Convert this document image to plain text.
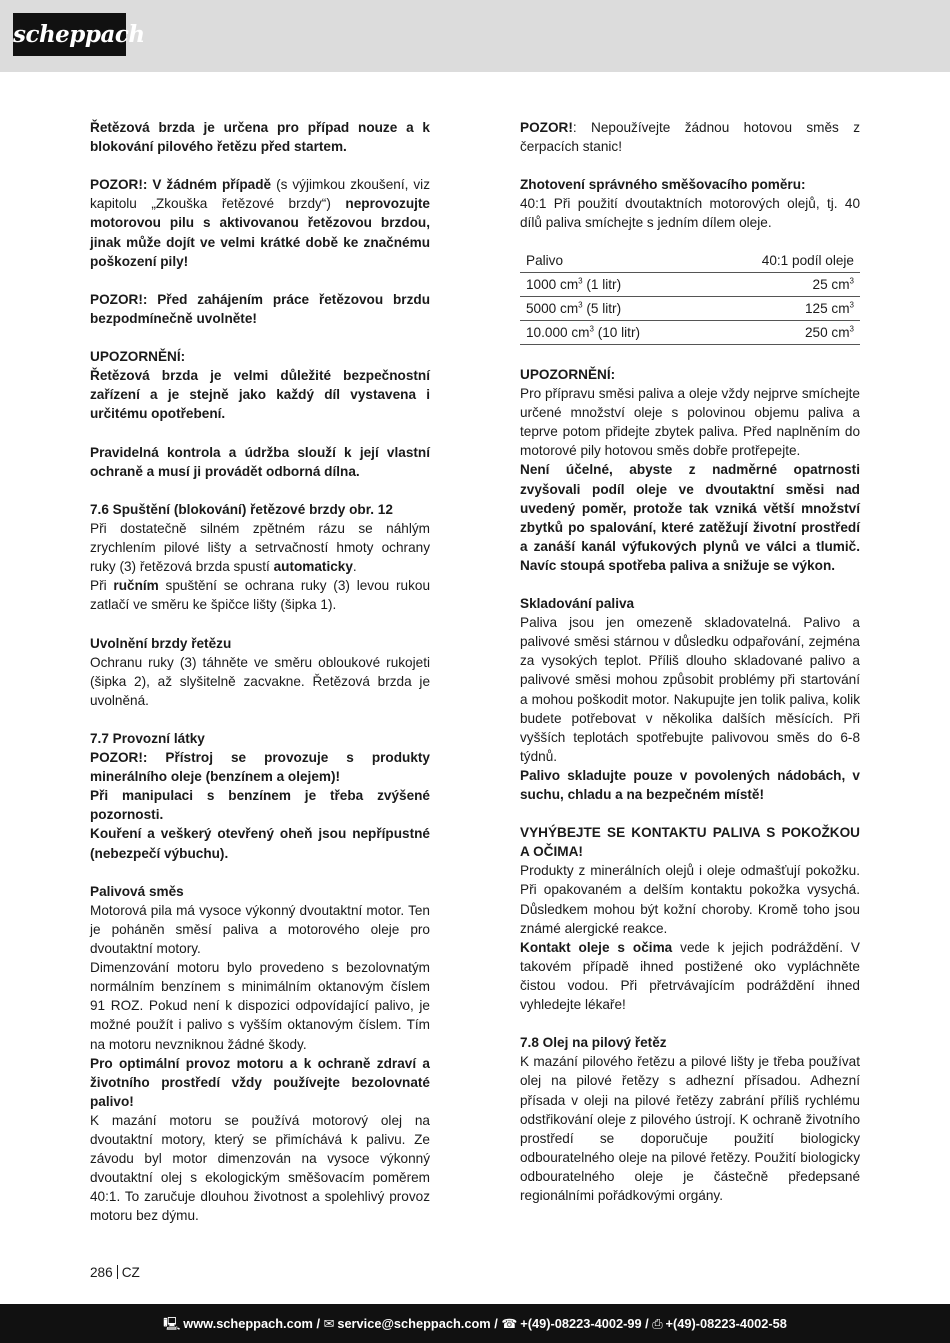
scheppach

Řetězová brzda je určena pro případ nouze a k blokování pilového řetězu před startem.

POZOR!: V žádném případě (s výjimkou zkoušení, viz kapitolu „Zkouška řetězové brzdy“) neprovozujte motorovou pilu s aktivovanou řetězovou brzdou, jinak může dojít ve velmi krátké době ke značnému poškození pily!

POZOR!: Před zahájením práce řetězovou brzdu bezpodmínečně uvolněte!

UPOZORNĚNÍ:

Řetězová brzda je velmi důležité bezpečnostní zařízení a je stejně jako každý díl vystavena i určitému opotřebení.

Pravidelná kontrola a údržba slouží k její vlastní ochraně a musí ji provádět odborná dílna.

7.6 Spuštění (blokování) řetězové brzdy obr. 12

Při dostatečně silném zpětném rázu se náhlým zrychlením pilové lišty a setrvačností hmoty ochrany ruky (3) řetězová brzda spustí automaticky.

Při ručním spuštění se ochrana ruky (3) levou rukou zatlačí ve směru ke špičce lišty (šipka 1).

Uvolnění brzdy řetězu

Ochranu ruky (3) táhněte ve směru obloukové rukojeti (šipka 2), až slyšitelně zacvakne. Řetězová brzda je uvolněná.

7.7 Provozní látky

POZOR!: Přístroj se provozuje s produkty minerálního oleje (benzínem a olejem)!

Při manipulaci s benzínem je třeba zvýšené pozornosti.

Kouření a veškerý otevřený oheň jsou nepřípustné (nebezpečí výbuchu).

Palivová směs

Motorová pila má vysoce výkonný dvoutaktní motor. Ten je poháněn směsí paliva a motorového oleje pro dvoutaktní motory.

Dimenzování motoru bylo provedeno s bezolovnatým normálním benzínem s minimálním oktanovým číslem 91 ROZ. Pokud není k dispozici odpovídající palivo, je možné použít i palivo s vyšším oktanovým číslem. Tím na motoru nevzniknou žádné škody.

Pro optimální provoz motoru a k ochraně zdraví a životního prostředí vždy používejte bezolovnaté palivo!

K mazání motoru se používá motorový olej na dvoutaktní motory, který se přimíchává k palivu. Ze závodu byl motor dimenzován na vysoce výkonný dvoutaktní olej s ekologickým směšovacím poměrem 40:1. To zaručuje dlouhou životnost a spolehlivý provoz motoru bez dýmu.

POZOR!: Nepoužívejte žádnou hotovou směs z čerpacích stanic!

Zhotovení správného směšovacího poměru:

40:1 Při použití dvoutaktních motorových olejů, tj. 40 dílů paliva smíchejte s jedním dílem oleje.

Palivo	40:1 podíl oleje
1000 $cm^3$ (1 litr)	25 $cm^3$
5000 $cm^3$ (5 litr)	125 $cm^3$
10.000 $cm^3$ (10 litr)	250 $cm^3$

UPOZORNĚNÍ:

Pro přípravu směsi paliva a oleje vždy nejprve smíchejte určené množství oleje s polovinou objemu paliva a teprve potom přidejte zbytek paliva. Před naplněním do motorové pily hotovou směs dobře protřepejte.

Není účelné, abyste z nadměrné opatrnosti zvyšovali podíl oleje ve dvoutaktní směsi nad uvedený poměr, protože tak vzniká větší množství zbytků po spalování, které zatěžují životní prostředí a zanáší kanál výfukových plynů ve válci a tlumič. Navíc stoupá spotřeba paliva a snižuje se výkon.

Skladování paliva

Paliva jsou jen omezeně skladovatelná. Palivo a palivové směsi stárnou v důsledku odpařování, zejména za vysokých teplot. Příliš dlouho skladované palivo a palivové směsi mohou způsobit problémy při startování a mohou poškodit motor. Nakupujte jen tolik paliva, kolik budete potřebovat v několika dalších měsících. Při vyšších teplotách spotřebujte palivovou směs do 6-8 týdnů.

Palivo skladujte pouze v povolených nádobách, v suchu, chladu a na bezpečném místě!

VYHÝBEJTE SE KONTAKTU PALIVA S POKOŽKOU A OČIMA!

Produkty z minerálních olejů i oleje odmašťují pokožku. Při opakovaném a delším kontaktu pokožka vysychá. Důsledkem mohou být kožní choroby. Kromě toho jsou známé alergické reakce.

Kontakt oleje s očima vede k jejich podráždění. V takovém případě ihned postižené oko vypláchněte čistou vodou. Při přetrvávajícím podráždění ihned vyhledejte lékaře!

7.8 Olej na pilový řetěz

K mazání pilového řetězu a pilové lišty je třeba používat olej na pilové řetězy s adhezní přísadou. Adhezní přísada v oleji na pilové řetězy zabrání příliš rychlému odstřikování oleje z pilového ústrojí. K ochraně životního prostředí se doporučuje použití biologicky odbouratelného oleje na pilové řetězy. Použití biologicky odbouratelného oleje je částečně předepsané regionálními pořádkovými orgány.

286 CZ
🖳 www.scheppach.com / ✉ service@scheppach.com / ☎ +(49)-08223-4002-99 / ⎙ +(49)-08223-4002-58
